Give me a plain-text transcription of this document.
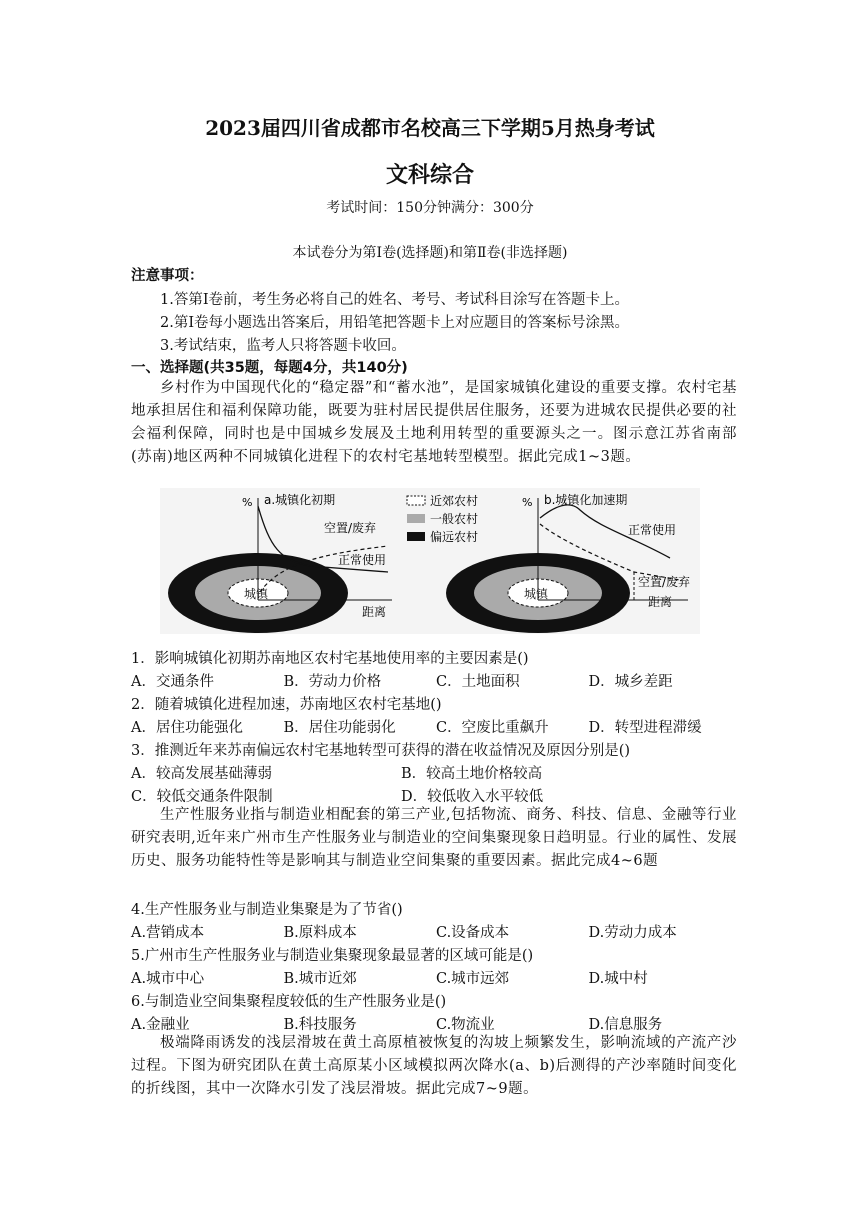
2023届四川省成都市名校高三下学期5月热身考试
文科综合
考试时间：150分钟满分：300分
本试卷分为第Ⅰ卷(选择题)和第Ⅱ卷(非选择题)
注意事项：
1.答第Ⅰ卷前，考生务必将自己的姓名、考号、考试科目涂写在答题卡上。
2.第Ⅰ卷每小题选出答案后，用铅笔把答题卡上对应题目的答案标号涂黑。
3.考试结束，监考人只将答题卡收回。
一、选择题(共35题，每题4分，共140分)
乡村作为中国现代化的“稳定器”和“蓄水池”，是国家城镇化建设的重要支撑。农村宅基地承担居住和福利保障功能，既要为驻村居民提供居住服务，还要为进城农民提供必要的社会福利保障，同时也是中国城乡发展及土地利用转型的重要源头之一。图示意江苏省南部(苏南)地区两种不同城镇化进程下的农村宅基地转型模型。据此完成1~3题。
城镇
% a.城镇化初期
空置/废弃
正常使用
距离
近郊农村
一般农村
偏远农村
城镇
% b.城镇化加速期
正常使用
空置/废弃
距离
1．影响城镇化初期苏南地区农村宅基地使用率的主要因素是()
A．交通条件	B．劳动力价格	C．土地面积	D．城乡差距
2．随着城镇化进程加速，苏南地区农村宅基地()
A．居住功能强化	B．居住功能弱化	C．空废比重飙升	D．转型进程滞缓
3．推测近年来苏南偏远农村宅基地转型可获得的潜在收益情况及原因分别是()
A．较高发展基础薄弱	B．较高土地价格较高
C．较低交通条件限制	D．较低收入水平较低
生产性服务业指与制造业相配套的第三产业,包括物流、商务、科技、信息、金融等行业研究表明,近年来广州市生产性服务业与制造业的空间集聚现象日趋明显。行业的属性、发展历史、服务功能特性等是影响其与制造业空间集聚的重要因素。据此完成4~6题
4.生产性服务业与制造业集聚是为了节省()
A.营销成本	B.原料成本	C.设备成本	D.劳动力成本
5.广州市生产性服务业与制造业集聚现象最显著的区域可能是()
A.城市中心	B.城市近郊	C.城市远郊	D.城中村
6.与制造业空间集聚程度较低的生产性服务业是()
A.金融业	B.科技服务	C.物流业	D.信息服务
极端降雨诱发的浅层滑坡在黄土高原植被恢复的沟坡上频繁发生，影响流域的产流产沙过程。下图为研究团队在黄土高原某小区域模拟两次降水(a、b)后测得的产沙率随时间变化的折线图，其中一次降水引发了浅层滑坡。据此完成7~9题。
